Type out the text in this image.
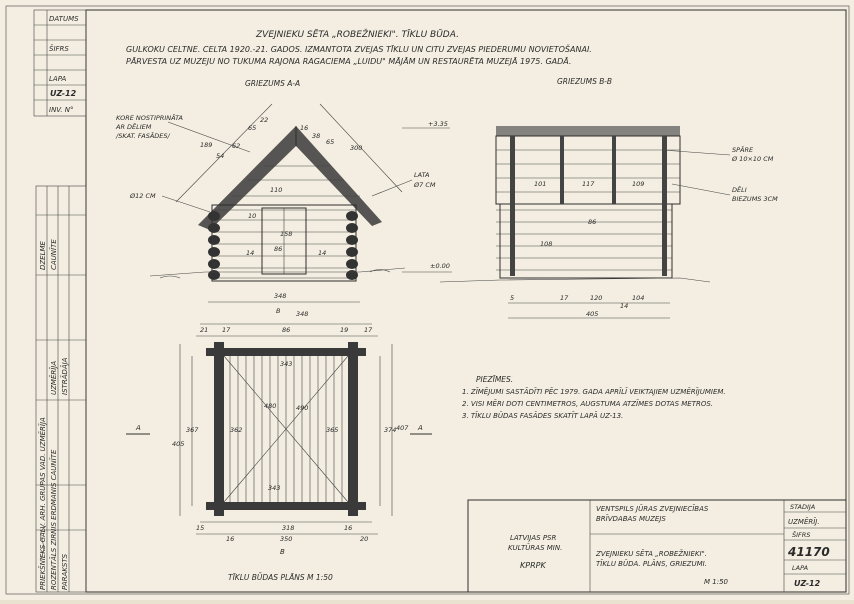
DATUMS
ŠIFRS
LAPA
UZ-12
INV. N°
DZELME CAUNĪTE
UZMĒRĪJA ISTRĀDĀJA
PRIEKŠNIEKS GALV. ARH. GRUPAS VAD. UZMĒRĪJA ROZENTĀLS ZIRNIS ERDMANIS CAUNĪTE PARAKSTS
ZVEJNIEKU SĒTA „ROBEŽNIEKI". TĪKLU BŪDA.
GULKOKU CELTNE. CELTA 1920.-21. GADOS. IZMANTOTA ZVEJAS TĪKLU UN CITU ZVEJAS PIEDERUMU NOVIETOŠANAI.
PĀRVESTA UZ MUZEJU NO TUKUMA RAJONA RAGACIEMA „LUIDU" MĀJĀM UN RESTAURĒTA MUZEJĀ 1975. GADĀ.
GRIEZUMS A-A	GRIEZUMS B-B
189
54
62
65
22
16
38
65
300
110
10
158
86
14	14
KORE NOSTIPRINĀTA
AR DĒLIEM
/SKAT. FASĀDES/
Ø12 CM
LATA
Ø7 CM
+3.35
±0.00
348
B
101	117	109
108
86
5	17	120	104
14
405
SPĀRE
Ø 10×10 CM
DĒLI
BIEZUMS 3CM
348
21 17	86	19 17
343
480	490
343
405
367	362	365	374 407
15	318	16
16	350	20
A	A
B
TĪKLU BŪDAS PLĀNS M 1:50
PIEZĪMES.
1. ZĪMĒJUMI SASTĀDĪTI PĒC 1979. GADA APRĪLĪ VEIKTAJIEM UZMĒRĪJUMIEM.
2. VISI MĒRI DOTI CENTIMETROS, AUGSTUMA ATZĪMES DOTAS METROS.
3. TĪKLU BŪDAS FASĀDES SKATĪT LAPĀ UZ-13.
VENTSPILS JŪRAS ZVEJNIECĪBAS
BRĪVDABAS MUZEJS
LATVIJAS PSR
KULTŪRAS MIN.
KPRPK
ZVEJNIEKU SĒTA „ROBEŽNIEKI".
TĪKLU BŪDA. PLĀNS, GRIEZUMI.
M 1:50
STADIJA
UZMĒRĪJ.
ŠIFRS
41170
LAPA
UZ-12
